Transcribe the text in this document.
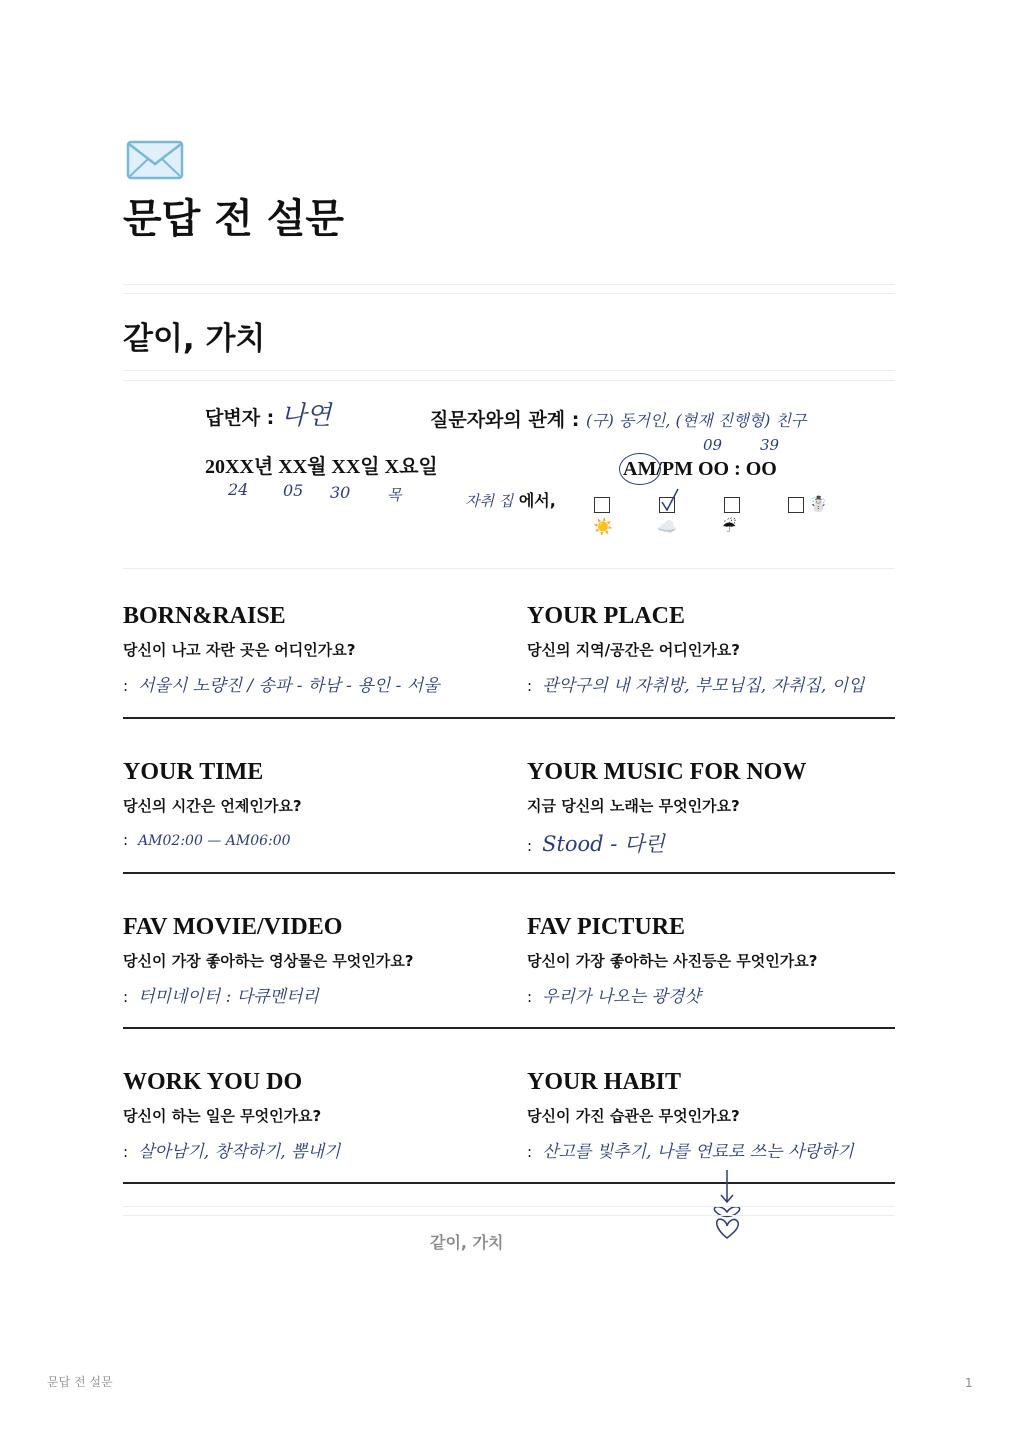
문답 전 설문
같이, 가치
답변자 : 나연	질문자와의 관계 : (구) 동거인, (현재 진행형) 친구
20XX년 XX월 XX일 X요일
24 05 30 목
AM/PM OO : OO
09	39
자취 집 에서,
☀️	☁️	☔
☃️
BORN&RAISE
당신이 나고 자란 곳은 어디인가요?
: 서울시 노량진 / 송파 - 하남 - 용인 - 서울
YOUR PLACE
당신의 지역/공간은 어디인가요?
: 관악구의 내 자취방, 부모님집, 자취집, 이입
YOUR TIME
당신의 시간은 언제인가요?
: AM02:00 — AM06:00
YOUR MUSIC FOR NOW
지금 당신의 노래는 무엇인가요?
: Stood - 다린
FAV MOVIE/VIDEO
당신이 가장 좋아하는 영상물은 무엇인가요?
: 터미네이터 : 다큐멘터리
FAV PICTURE
당신이 가장 좋아하는 사진등은 무엇인가요?
: 우리가 나오는 광경샷
WORK YOU DO
당신이 하는 일은 무엇인가요?
: 살아남기, 창작하기, 뽐내기
YOUR HABIT
당신이 가진 습관은 무엇인가요?
: 산고를 빛추기, 나를 연료로 쓰는 사랑하기
같이, 가치
문답 전 설문	1
